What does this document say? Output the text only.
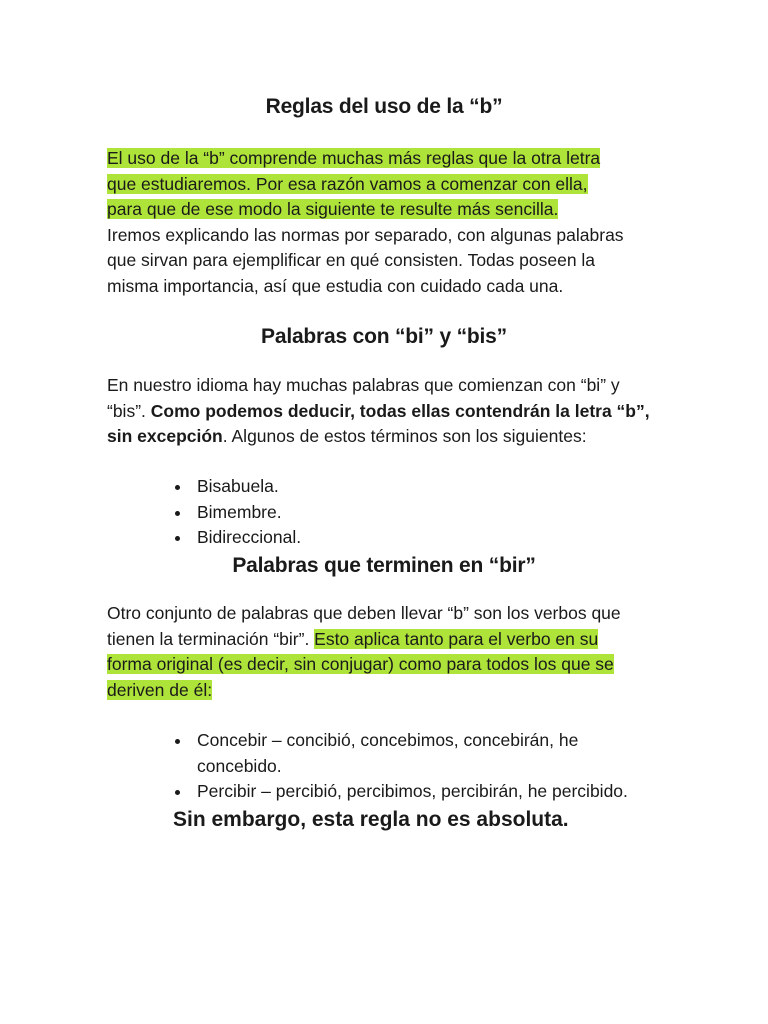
Reglas del uso de la “b”

El uso de la “b” comprende muchas más reglas que la otra letra
que estudiaremos. Por esa razón vamos a comenzar con ella,
para que de ese modo la siguiente te resulte más sencilla.
Iremos explicando las normas por separado, con algunas palabras
que sirvan para ejemplificar en qué consisten. Todas poseen la
misma importancia, así que estudia con cuidado cada una.

Palabras con “bi” y “bis”

En nuestro idioma hay muchas palabras que comienzan con “bi” y
“bis”. Como podemos deducir, todas ellas contendrán la letra “b”,
sin excepción. Algunos de estos términos son los siguientes:

Bisabuela.
Bimembre.
Bidireccional.
Palabras que terminen en “bir”

Otro conjunto de palabras que deben llevar “b” son los verbos que
tienen la terminación “bir”. Esto aplica tanto para el verbo en su
forma original (es decir, sin conjugar) como para todos los que se
deriven de él:

Concebir – concibió, concebimos, concebirán, he
concebido.
Percibir – percibió, percibimos, percibirán, he percibido.

Sin embargo, esta regla no es absoluta.
